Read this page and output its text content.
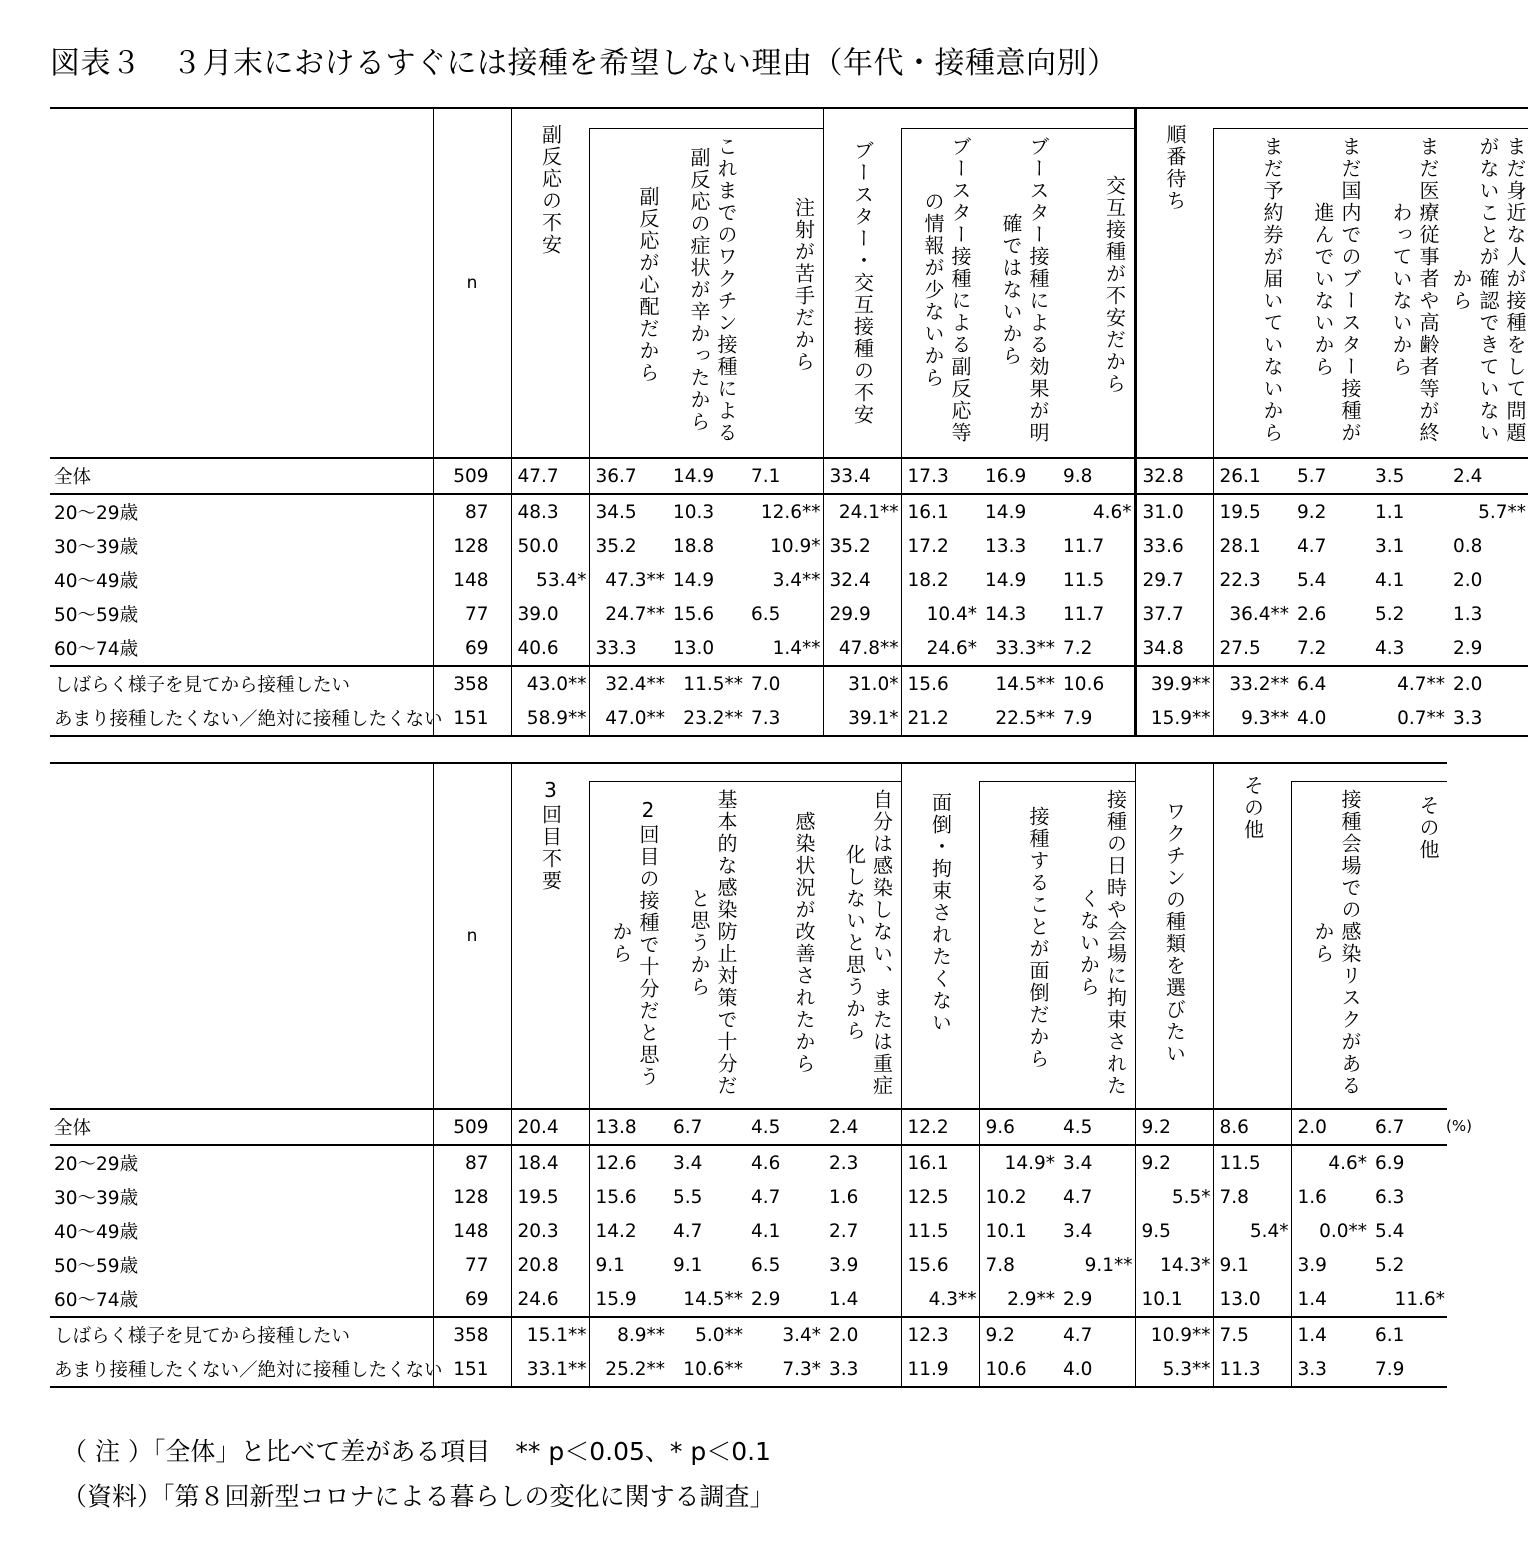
図表３　３月末におけるすぐには接種を希望しない理由（年代・接種意向別）
	n	副反応の不安				ブースター・交互接種の不安				順番待ち				

			副反応が心配だから	これまでのワクチン接種による副反応の症状が辛かったから	注射が苦手だから		ブースター接種による副反応等の情報が少ないから	ブースター接種による効果が明確ではないから	交互接種が不安だから		まだ予約券が届いていないから	まだ国内でのブースター接種が進んでいないから	まだ医療従事者や高齢者等が終わっていないから	まだ身近な人が接種をして問題がないことが確認できていないから

全体	509	47.7	36.7	14.9	7.1	33.4	17.3	16.9	9.8	32.8	26.1	5.7	3.5	2.4
20～29歳	87	48.3	34.5	10.3	12.6**	24.1**	16.1	14.9	4.6*	31.0	19.5	9.2	1.1	5.7**
30～39歳	128	50.0	35.2	18.8	10.9*	35.2	17.2	13.3	11.7	33.6	28.1	4.7	3.1	0.8
40～49歳	148	53.4*	47.3**	14.9	3.4**	32.4	18.2	14.9	11.5	29.7	22.3	5.4	4.1	2.0
50～59歳	77	39.0	24.7**	15.6	6.5	29.9	10.4*	14.3	11.7	37.7	36.4**	2.6	5.2	1.3
60～74歳	69	40.6	33.3	13.0	1.4**	47.8**	24.6*	33.3**	7.2	34.8	27.5	7.2	4.3	2.9
しばらく様子を見てから接種したい	358	43.0**	32.4**	11.5**	7.0	31.0*	15.6	14.5**	10.6	39.9**	33.2**	6.4	4.7**	2.0
あまり接種したくない／絶対に接種したくない	151	58.9**	47.0**	23.2**	7.3	39.1*	21.2	22.5**	7.9	15.9**	9.3**	4.0	0.7**	3.3
	n	3回目不要					面倒・拘束されたくない			ワクチンの種類を選びたい	その他		

			2回目の接種で十分だと思うから	基本的な感染防止対策で十分だと思うから	感染状況が改善されたから	自分は感染しない、または重症化しないと思うから		接種することが面倒だから	接種の日時や会場に拘束されたくないから			接種会場での感染リスクがあるから	その他

全体	509	20.4	13.8	6.7	4.5	2.4	12.2	9.6	4.5	9.2	8.6	2.0	6.7
20～29歳	87	18.4	12.6	3.4	4.6	2.3	16.1	14.9*	3.4	9.2	11.5	4.6*	6.9
30～39歳	128	19.5	15.6	5.5	4.7	1.6	12.5	10.2	4.7	5.5*	7.8	1.6	6.3
40～49歳	148	20.3	14.2	4.7	4.1	2.7	11.5	10.1	3.4	9.5	5.4*	0.0**	5.4
50～59歳	77	20.8	9.1	9.1	6.5	3.9	15.6	7.8	9.1**	14.3*	9.1	3.9	5.2
60～74歳	69	24.6	15.9	14.5**	2.9	1.4	4.3**	2.9**	2.9	10.1	13.0	1.4	11.6*
しばらく様子を見てから接種したい	358	15.1**	8.9**	5.0**	3.4*	2.0	12.3	9.2	4.7	10.9**	7.5	1.4	6.1
あまり接種したくない／絶対に接種したくない	151	33.1**	25.2**	10.6**	7.3*	3.3	11.9	10.6	4.0	5.3**	11.3	3.3	7.9
(%)
（ 注 ）「全体」と比べて差がある項目　** p＜0.05、* p＜0.1
（資料）「第８回新型コロナによる暮らしの変化に関する調査」
